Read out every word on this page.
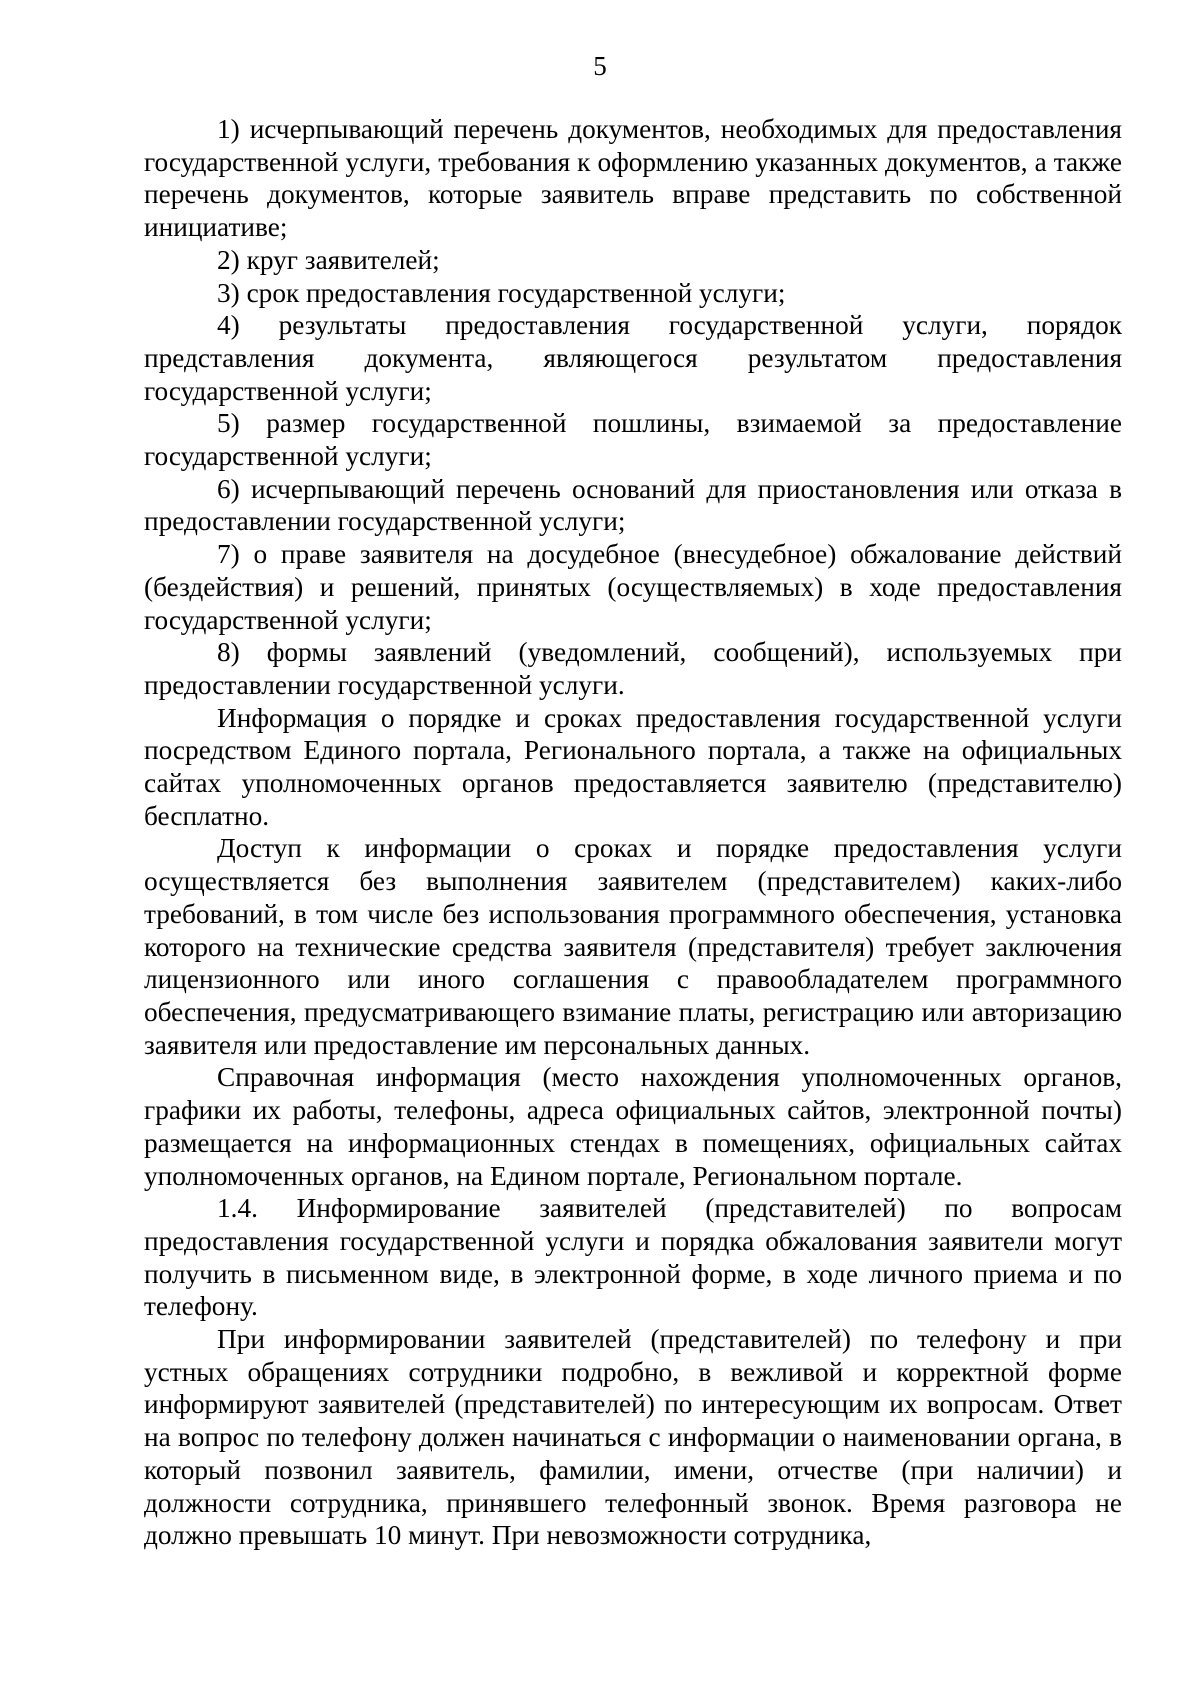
5

1) исчерпывающий перечень документов, необходимых для предоставления государственной услуги, требования к оформлению указанных документов, а также перечень документов, которые заявитель вправе представить по собственной инициативе;

2) круг заявителей;

3) срок предоставления государственной услуги;

4) результаты предоставления государственной услуги, порядок представления документа, являющегося результатом предоставления государственной услуги;

5) размер государственной пошлины, взимаемой за предоставление государственной услуги;

6) исчерпывающий перечень оснований для приостановления или отказа в предоставлении государственной услуги;

7) о праве заявителя на досудебное (внесудебное) обжалование действий (бездействия) и решений, принятых (осуществляемых) в ходе предоставления государственной услуги;

8) формы заявлений (уведомлений, сообщений), используемых при предоставлении государственной услуги.

Информация о порядке и сроках предоставления государственной услуги посредством Единого портала, Регионального портала, а также на официальных сайтах уполномоченных органов предоставляется заявителю (представителю) бесплатно.

Доступ к информации о сроках и порядке предоставления услуги осуществляется без выполнения заявителем (представителем) каких-либо требований, в том числе без использования программного обеспечения, установка которого на технические средства заявителя (представителя) требует заключения лицензионного или иного соглашения с правообладателем программного обеспечения, предусматривающего взимание платы, регистрацию или авторизацию заявителя или предоставление им персональных данных.

Справочная информация (место нахождения уполномоченных органов, графики их работы, телефоны, адреса официальных сайтов, электронной почты) размещается на информационных стендах в помещениях, официальных сайтах уполномоченных органов, на Едином портале, Региональном портале.

1.4. Информирование заявителей (представителей) по вопросам предоставления государственной услуги и порядка обжалования заявители могут получить в письменном виде, в электронной форме, в ходе личного приема и по телефону.

При информировании заявителей (представителей) по телефону и при устных обращениях сотрудники подробно, в вежливой и корректной форме информируют заявителей (представителей) по интересующим их вопросам. Ответ на вопрос по телефону должен начинаться с информации о наименовании органа, в который позвонил заявитель, фамилии, имени, отчестве (при наличии) и должности сотрудника, принявшего телефонный звонок. Время разговора не должно превышать 10 минут. При невозможности сотрудника,
